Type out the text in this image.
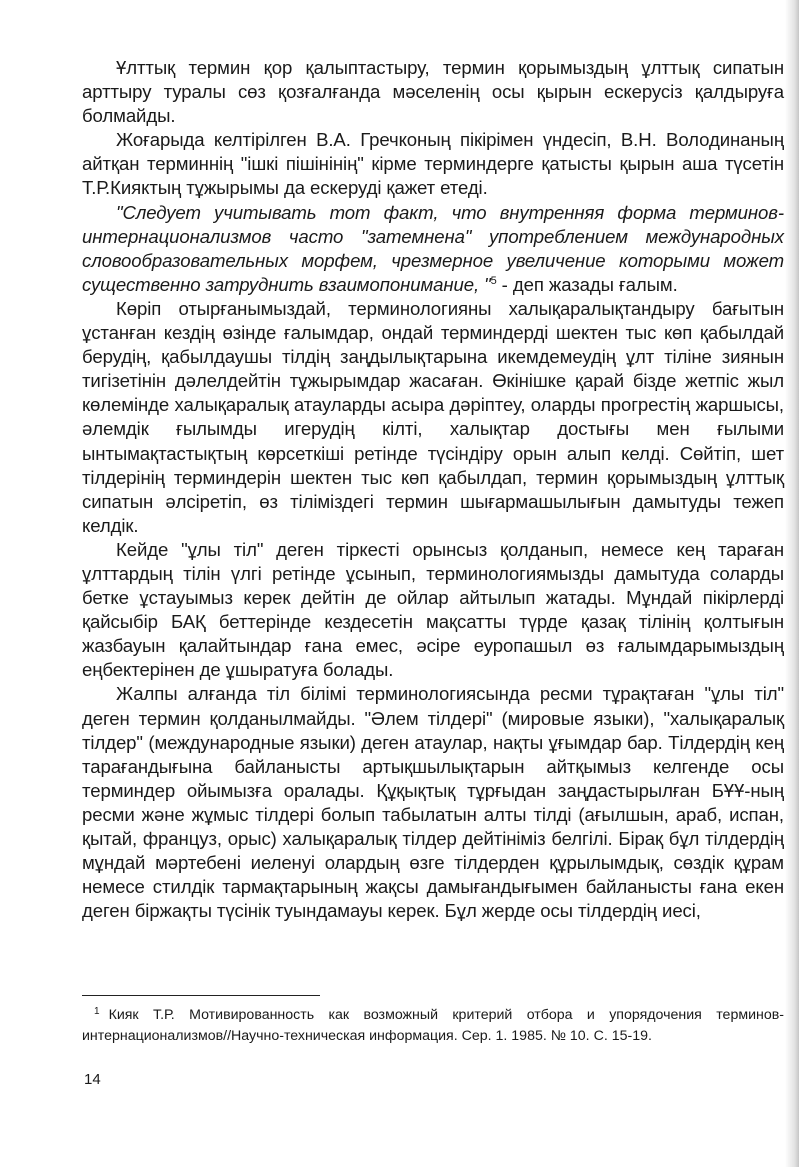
Ұлттық термин қор қалыптастыру, термин қорымыздың ұлттық сипатын арттыру туралы сөз қозғалғанда мәселенің осы қырын ескерусіз қалдыруға болмайды.

Жоғарыда келтірілген В.А. Гречконың пікірімен үндесіп, В.Н. Володинаның айтқан терминнің "ішкі пішінінің" кірме терминдерге қатысты қырын аша түсетін Т.Р.Кияктың тұжырымы да ескеруді қажет етеді.

"Следует учитывать тот факт, что внутренняя форма терминов-интернационализмов часто "затемнена" употреблением международных словообразовательных морфем, чрезмерное увеличение которыми может существенно затруднить взаимопонимание, "$^5$ - деп жазады ғалым.

Көріп отырғанымыздай, терминологияны халықаралықтандыру бағытын ұстанған кездің өзінде ғалымдар, ондай терминдерді шектен тыс көп қабылдай берудің, қабылдаушы тілдің заңдылықтарына икемдемеудің ұлт тіліне зиянын тигізетінін дәлелдейтін тұжырымдар жасаған. Өкінішке қарай бізде жетпіс жыл көлемінде халықаралық атауларды асыра дәріптеу, оларды прогрестің жаршысы, әлемдік ғылымды игерудің кілті, халықтар достығы мен ғылыми ынтымақтастықтың көрсеткіші ретінде түсіндіру орын алып келді. Сөйтіп, шет тілдерінің терминдерін шектен тыс көп қабылдап, термин қорымыздың ұлттық сипатын әлсіретіп, өз тіліміздегі термин шығармашылығын дамытуды тежеп келдік.

Кейде "ұлы тіл" деген тіркесті орынсыз қолданып, немесе кең тараған ұлттардың тілін үлгі ретінде ұсынып, терминологиямызды дамытуда соларды бетке ұстауымыз керек дейтін де ойлар айтылып жатады. Мұндай пікірлерді қайсыбір БАҚ беттерінде кездесетін мақсатты түрде қазақ тілінің қолтығын жазбауын қалайтындар ғана емес, әсіре еуропашыл өз ғалымдарымыздың еңбектерінен де ұшыратуға болады.

Жалпы алғанда тіл білімі терминологиясында ресми тұрақтаған "ұлы тіл" деген термин қолданылмайды. "Әлем тілдері" (мировые языки), "халықаралық тілдер" (международные языки) деген атаулар, нақты ұғымдар бар. Тілдердің кең тарағандығына байланысты артықшылықтарын айтқымыз келгенде осы терминдер ойымызға оралады. Құқықтық тұрғыдан заңдастырылған БҰҰ-ның ресми және жұмыс тілдері болып табылатын алты тілді (ағылшын, араб, испан, қытай, француз, орыс) халықаралық тілдер дейтініміз белгілі. Бірақ бұл тілдердің мұндай мәртебені иеленуі олардың өзге тілдерден құрылымдық, сөздік құрам немесе стилдік тармақтарының жақсы дамығандығымен байланысты ғана екен деген біржақты түсінік туындамауы керек. Бұл жерде осы тілдердің иесі,

$^1$ Кияк Т.Р. Мотивированность как возможный критерий отбора и упорядочения терминов-интернационализмов//Научно-техническая информация. Сер. 1. 1985. № 10. С. 15-19.

14
